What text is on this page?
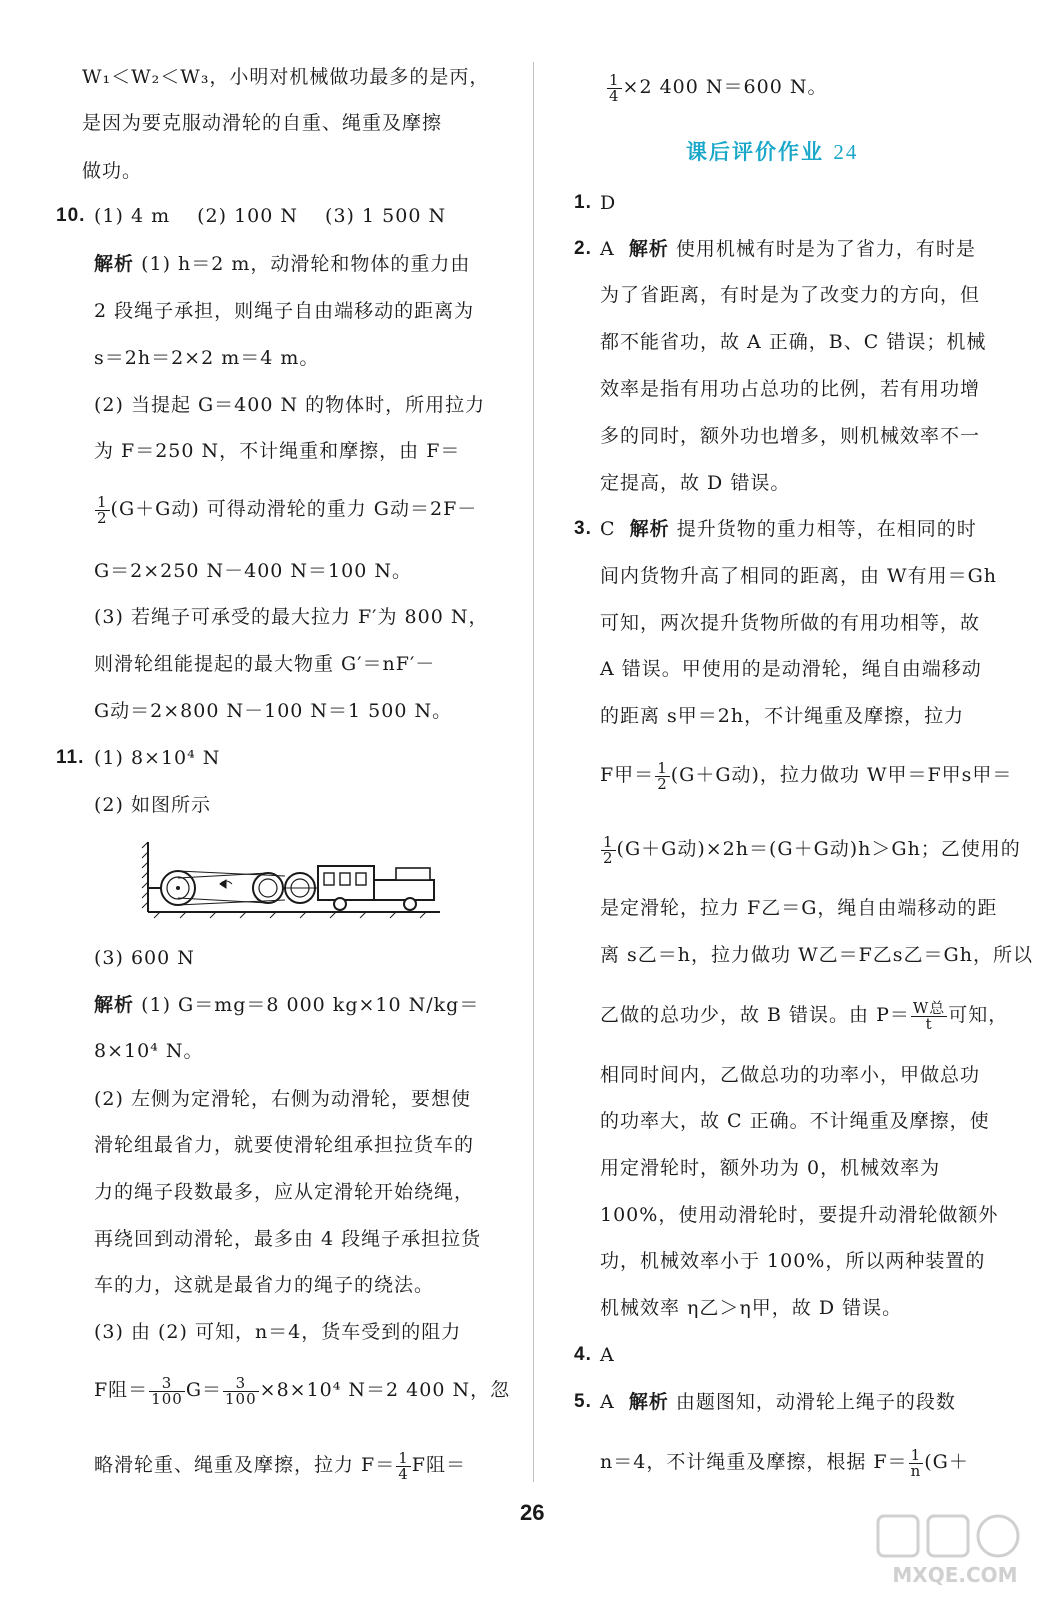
W₁＜W₂＜W₃，小明对机械做功最多的是丙，
是因为要克服动滑轮的自重、绳重及摩擦
做功。
10. (1) 4 m　 (2) 100 N　 (3) 1 500 N
解析 (1) h＝2 m，动滑轮和物体的重力由
2 段绳子承担，则绳子自由端移动的距离为
s＝2h＝2×2 m＝4 m。
(2) 当提起 G＝400 N 的物体时，所用拉力
为 F＝250 N，不计绳重和摩擦，由 F＝
$\frac{1}{2} (G+G$动) 可得动滑轮的重力 G动＝2F－
G＝2×250 N－400 N＝100 N。
(3) 若绳子可承受的最大拉力 F′为 800 N，
则滑轮组能提起的最大物重 G′＝nF′－
G动＝2×800 N－100 N＝1 500 N。
11. (1) 8×10⁴ N
(2) 如图所示
(3) 600 N
解析 (1) G＝mg＝8 000 kg×10 N/kg＝
8×10⁴ N。
(2) 左侧为定滑轮，右侧为动滑轮，要想使
滑轮组最省力，就要使滑轮组承担拉货车的
力的绳子段数最多，应从定滑轮开始绕绳，
再绕回到动滑轮，最多由 4 段绳子承担拉货
车的力，这就是最省力的绳子的绕法。
(3) 由 (2) 可知，n＝4，货车受到的阻力
F阻＝ $\frac{3}{100} G= \frac{3}{100} \times 8\times 10^4$ N＝2 400 N，忽
略滑轮重、绳重及摩擦，拉力 $F= \frac{1}{4}$ F阻＝
$\frac{1}{4} \times 2$ 400 N＝600 N。
课后评价作业 24
1. D
2. A 解析 使用机械有时是为了省力，有时是
为了省距离，有时是为了改变力的方向，但
都不能省功，故 A 正确，B、C 错误；机械
效率是指有用功占总功的比例，若有用功增
多的同时，额外功也增多，则机械效率不一
定提高，故 D 错误。
3. C 解析 提升货物的重力相等，在相同的时
间内货物升高了相同的距离，由 W有用＝Gh
可知，两次提升货物所做的有用功相等，故
A 错误。甲使用的是动滑轮，绳自由端移动
的距离 s甲＝2h，不计绳重及摩擦，拉力
F甲＝ $\frac{1}{2} (G+G$动)，拉力做功 W甲＝F甲s甲＝
$\frac{1}{2} (G+G$动)×2h＝(G＋G动)h＞Gh；乙使用的
是定滑轮，拉力 F乙＝G，绳自由端移动的距
离 s乙＝h，拉力做功 W乙＝F乙s乙＝Gh，所以
乙做的总功少，故 B 错误。由 $P= \frac{\text{W总}}{t}$ 可知，
相同时间内，乙做总功的功率小，甲做总功
的功率大，故 C 正确。不计绳重及摩擦，使
用定滑轮时，额外功为 0，机械效率为
100%，使用动滑轮时，要提升动滑轮做额外
功，机械效率小于 100%，所以两种装置的
机械效率 η乙＞η甲，故 D 错误。
4. A
5. A 解析 由题图知，动滑轮上绳子的段数
n＝4，不计绳重及摩擦，根据 $F= \frac{1}{n} (G+$
26
MXQE.COM
